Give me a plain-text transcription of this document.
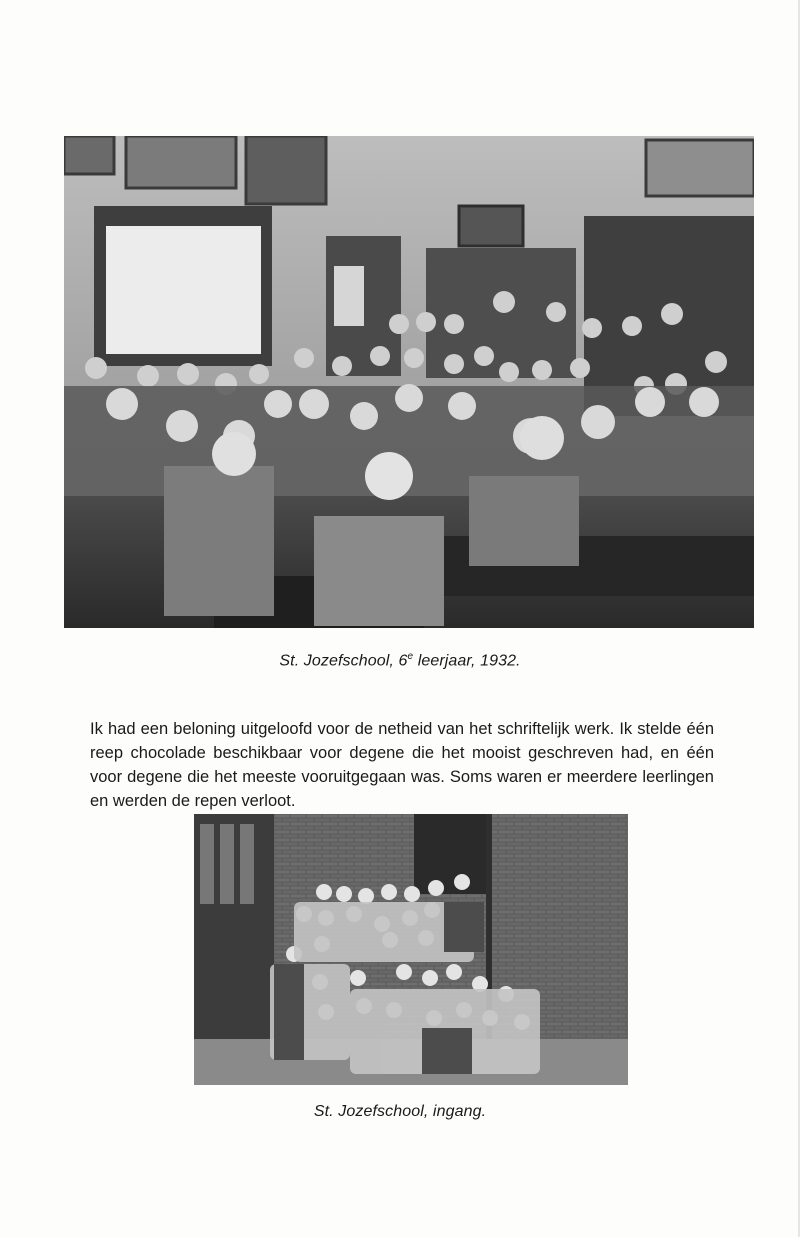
St. Jozefschool, 6e leerjaar, 1932.

Ik had een beloning uitgeloofd voor de netheid van het schriftelijk werk. Ik stelde één reep chocolade beschikbaar voor degene die het mooist geschreven had, en één voor degene die het meeste vooruitgegaan was. Soms waren er meerdere leerlingen en werden de repen verloot.

St. Jozefschool, ingang.
